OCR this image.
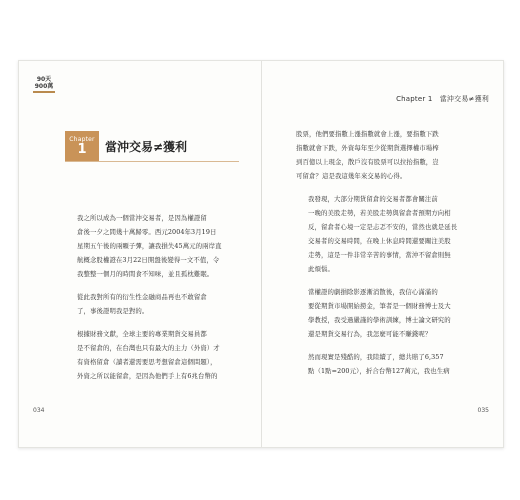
90天
900萬
Chapter
1	當沖交易≠獲利

我之所以成為一個當沖交易者，是因為權證留
倉後一夕之間幾十萬歸零。西元2004年3月19日
星期五午後的兩顆子彈，讓我損失45萬元的兩岸直
航概念股權證在3月22日開盤後變得一文不值，令
我整整一個月的時間食不知味，並且孤枕難眠。

從此我對所有的衍生性金融商品再也不敢留倉
了，事後證明我是對的。

根據財務文獻，全球主要的專業期貨交易員都
是不留倉的，在台灣也只有最大的主力（外資）才
有資格留倉（讀者還需要思考想留倉這個問題），
外資之所以能留倉，是因為他們手上有6兆台幣的

034
Chapter 1　當沖交易≠獲利

股票，他們要指數上漲指數就會上漲，要指數下跌
指數就會下跌，外資每年至少從期貨選擇權市場榨
到百億以上現金，散戶沒有股票可以拉抬指數，豈
可留倉？這是我這幾年來交易的心得。

我發現，大部分期貨留倉的交易者都會關注前
一晚的美股走勢，若美股走勢與留倉者預期方向相
反，留倉者心境一定是忐忑不安的，當然也就是延長
交易者的交易時間，在晚上休息時間還要關注美股
走勢，這是一件非常辛苦的事情，當沖不留倉則無
此煩惱。

當權證的劇損除影逐漸消散後，我信心滿滿的
要從期貨市場開始撈金，筆者是一個財務博士及大
學教授，我受過嚴謹的學術訓練，博士論文研究的
還是期貨交易行為，我怎麼可能不賺錢呢？

然而現實是殘酷的，我陸續了，總共賠了6,357
點（1點=200元），折合台幣127萬元，我也生病

035
